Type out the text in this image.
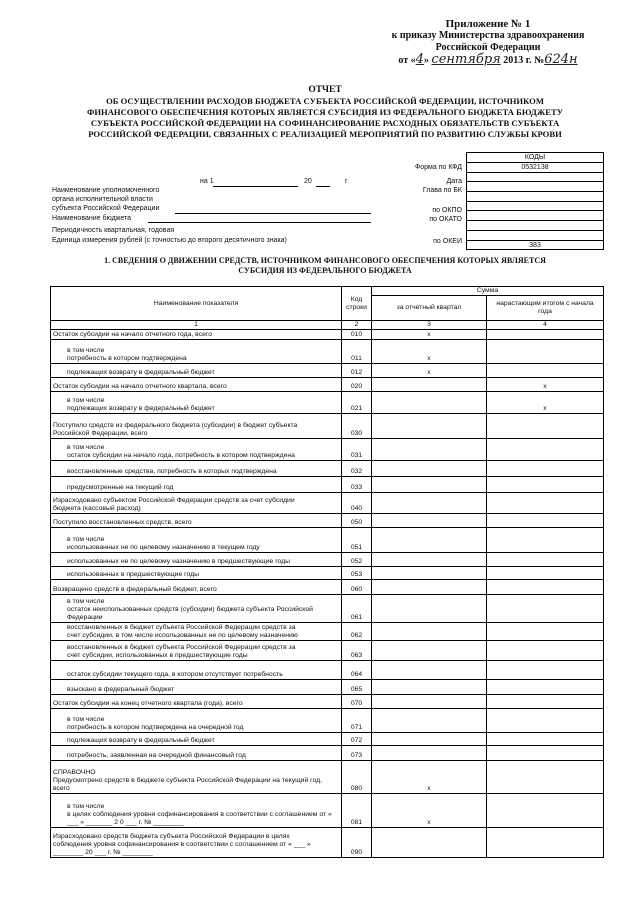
Приложение № 1
к приказу Министерства здравоохранения
Российской Федерации
от «4» сентября 2013 г. №624н
ОТЧЕТ
ОБ ОСУЩЕСТВЛЕНИИ РАСХОДОВ БЮДЖЕТА СУБЪЕКТА РОССИЙСКОЙ ФЕДЕРАЦИИ, ИСТОЧНИКОМ
ФИНАНСОВОГО ОБЕСПЕЧЕНИЯ КОТОРЫХ ЯВЛЯЕТСЯ СУБСИДИЯ ИЗ ФЕДЕРАЛЬНОГО БЮДЖЕТА БЮДЖЕТУ
СУБЪЕКТА РОССИЙСКОЙ ФЕДЕРАЦИИ НА СОФИНАНСИРОВАНИЕ РАСХОДНЫХ ОБЯЗАТЕЛЬСТВ СУБЪЕКТА
РОССИЙСКОЙ ФЕДЕРАЦИИ, СВЯЗАННЫХ С РЕАЛИЗАЦИЕЙ МЕРОПРИЯТИЙ ПО РАЗВИТИЮ СЛУЖБЫ КРОВИ
КОДЫ
0532138
383
на 1	20	г
Форма по КФД
Дата
Глава по БК
по ОКПО
по ОКАТО
по ОКЕИ
Наименование уполномоченного
органа исполнительной власти
субъекта Российской Федерации
Наименование бюджета
Периодичность квартальная, годовая
Единица измерения рублей (с точностью до второго десятичного знака)
1. СВЕДЕНИЯ О ДВИЖЕНИИ СРЕДСТВ, ИСТОЧНИКОМ ФИНАНСОВОГО ОБЕСПЕЧЕНИЯ КОТОРЫХ ЯВЛЯЕТСЯ
СУБСИДИЯ ИЗ ФЕДЕРАЛЬНОГО БЮДЖЕТА
Наименование показателя	Код строки	Сумма	
		за отчетный квартал	нарастающим итогом с начала года
1	2	3	4

Остаток субсидии на начало отчетного года, всего	010	x	

в том числе
потребность в котором подтверждена	011	x	

подлежащих возврату в федеральный бюджет	012	x	

Остаток субсидии на начало отчетного квартала, всего	020		x

в том числе
подлежащих возврату в федеральный бюджет	021		x

Поступило средств из федерального бюджета (субсидии) в бюджет субъекта
Российской Федерации, всего	030		

в том числе
остаток субсидии на начало года, потребность в котором подтверждена	031		

восстановленные средства, потребность в которых подтверждена	032		

предусмотренные на текущий год	033		

Израсходовано субъектом Российской Федерации средств за счет субсидии
бюджета (кассовый расход)	040		

Поступило восстановленных средств, всего	050		

в том числе
использованных не по целевому назначению в текущем году	051		

использованных не по целевому назначению в предшествующие годы	052		

использованных в предшествующие годы	053		

Возвращено средств в федеральный бюджет, всего	060		

в том числе
остаток неиспользованных средств (субсидии) бюджета субъекта Российской Федерации	061		

восстановленных в бюджет субъекта Российской Федерации средств за
счет субсидии, в том числе использованных не по целевому назначению	062		

восстановленных в бюджет субъекта Российской Федерации средств за
счет субсидии, использованных в предшествующие годы	063		

остаток субсидии текущего года, в котором отсутствует потребность	064		

взыскано в федеральный бюджет	065		

Остаток субсидии на конец отчетного квартала (года), всего	070		

в том числе
потребность в котором подтверждена на очередной год	071		

подлежащих возврату в федеральный бюджет	072		

потребность, заявленная на очередной финансовый год	073		

СПРАВОЧНО
Предусмотрено средств в бюджете субъекта Российской Федерации на текущий год, всего	080	x	

в том числе
в целях соблюдения уровня софинансирования в соответствии с соглашением от « ___ » _______ 2 0 ___ г. № ________	081	x	

Израсходовано средств бюджета субъекта Российской Федерации в целях
соблюдения уровня софинансирования в соответствии с соглашением от « ___ » ________ 20 ___ г. № ________	090		
